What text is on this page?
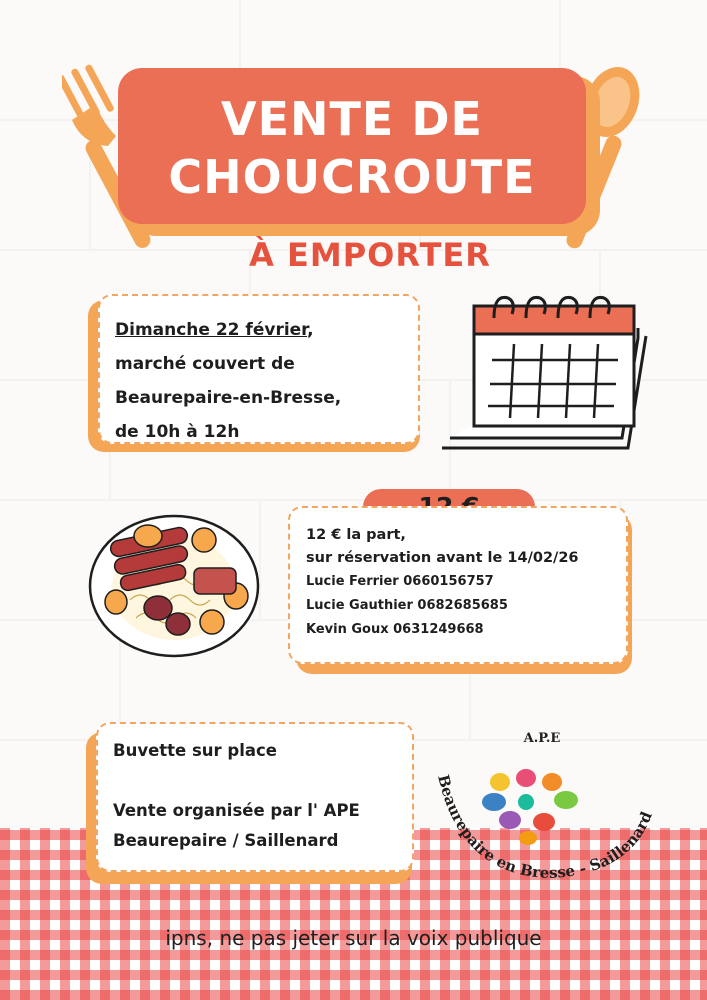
VENTE DE
CHOUCROUTE
À EMPORTER
Dimanche 22 février,
marché couvert de
Beaurepaire-en-Bresse,
de 10h à 12h
12 € la part,
sur réservation avant le 14/02/26
Lucie Ferrier 0660156757
Lucie Gauthier 0682685685
Kevin Goux 0631249668
Buvette sur place
Vente organisée par l' APE
Beaurepaire / Saillenard
A.P.E
Beaurepaire en Bresse - Saillenard
ipns, ne pas jeter sur la voix publique
